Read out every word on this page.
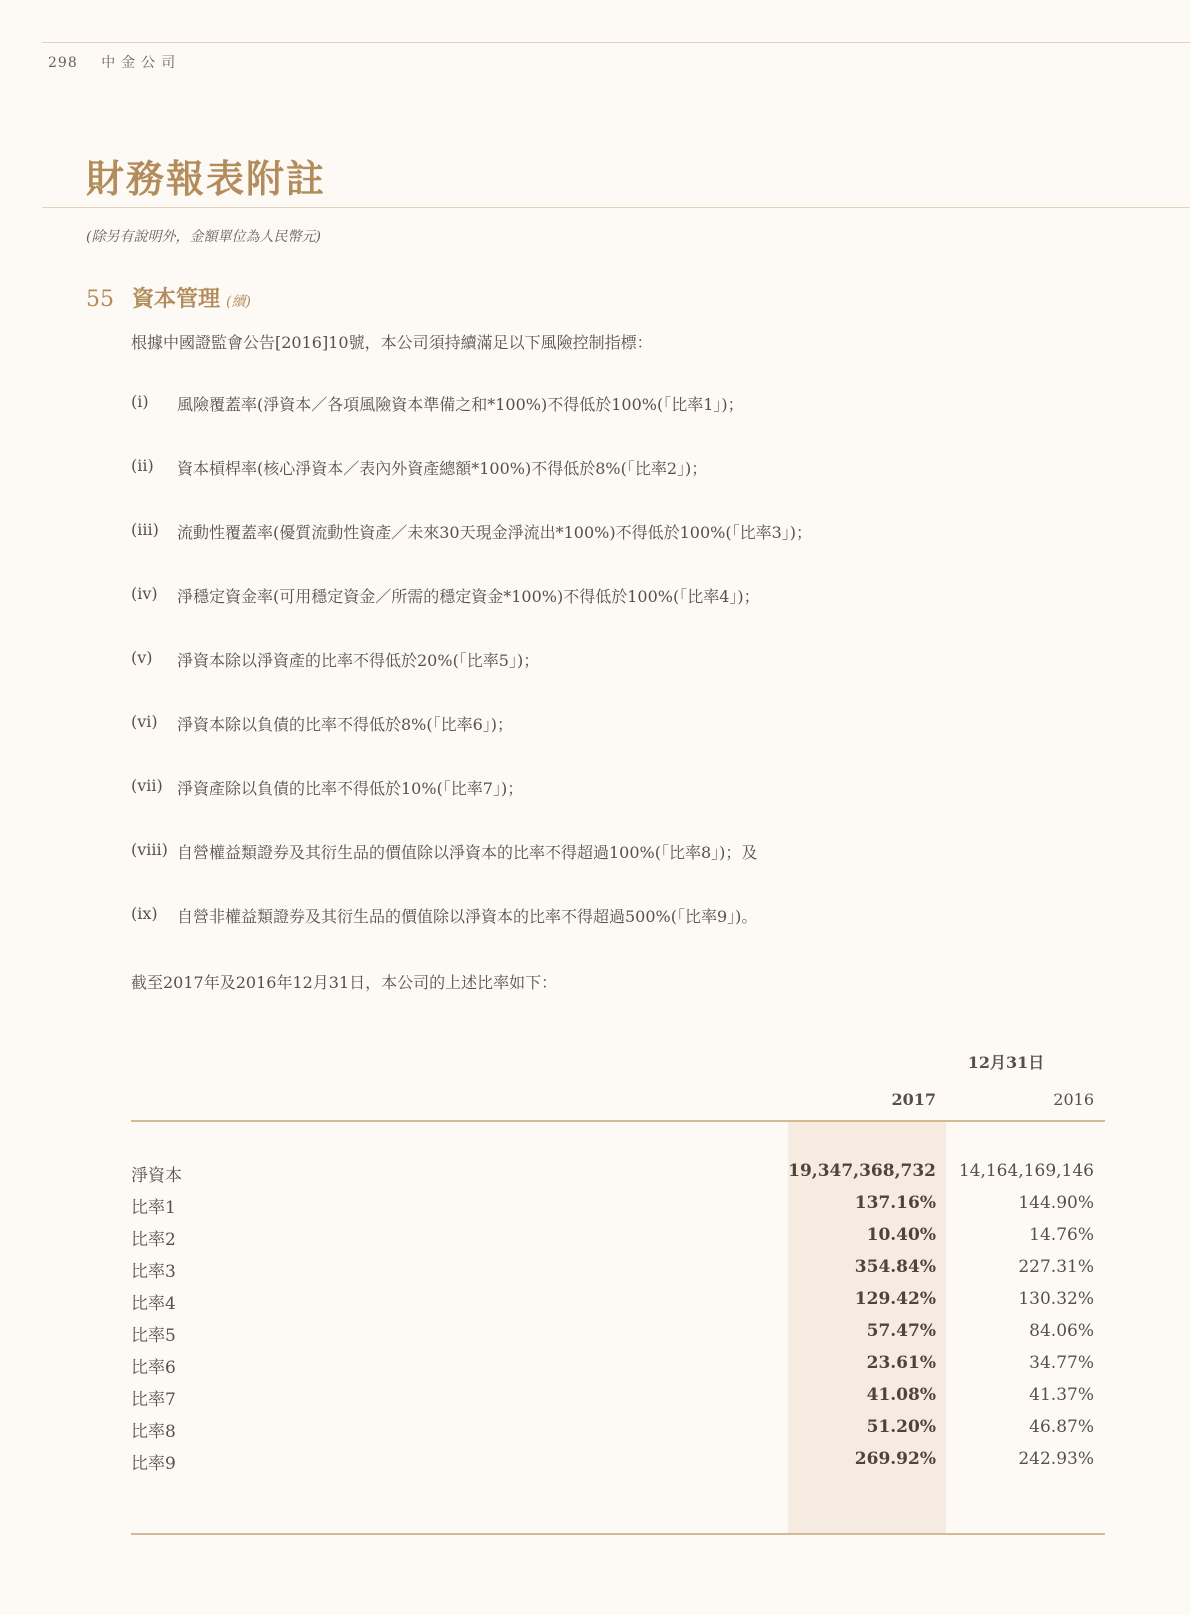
298 中金公司
財務報表附註
(除另有說明外，金額單位為人民幣元)
55 資本管理 (續)
根據中國證監會公告[2016]10號，本公司須持續滿足以下風險控制指標：
(i)	風險覆蓋率(淨資本／各項風險資本準備之和*100%)不得低於100%(「比率1」)；
(ii)	資本槓桿率(核心淨資本／表內外資產總額*100%)不得低於8%(「比率2」)；
(iii)	流動性覆蓋率(優質流動性資產／未來30天現金淨流出*100%)不得低於100%(「比率3」)；
(iv)	淨穩定資金率(可用穩定資金／所需的穩定資金*100%)不得低於100%(「比率4」)；
(v)	淨資本除以淨資產的比率不得低於20%(「比率5」)；
(vi)	淨資本除以負債的比率不得低於8%(「比率6」)；
(vii) 淨資產除以負債的比率不得低於10%(「比率7」)；
(viii) 自營權益類證券及其衍生品的價值除以淨資本的比率不得超過100%(「比率8」)；及
(ix)	自營非權益類證券及其衍生品的價值除以淨資本的比率不得超過500%(「比率9」)。
截至2017年及2016年12月31日，本公司的上述比率如下：
12月31日
2017	2016
淨資本	19,347,368,732 14,164,169,146
比率1	137.16%	144.90%
比率2	10.40%	14.76%
比率3	354.84%	227.31%
比率4	129.42%	130.32%
比率5	57.47%	84.06%
比率6	23.61%	34.77%
比率7	41.08%	41.37%
比率8	51.20%	46.87%
比率9	269.92%	242.93%
